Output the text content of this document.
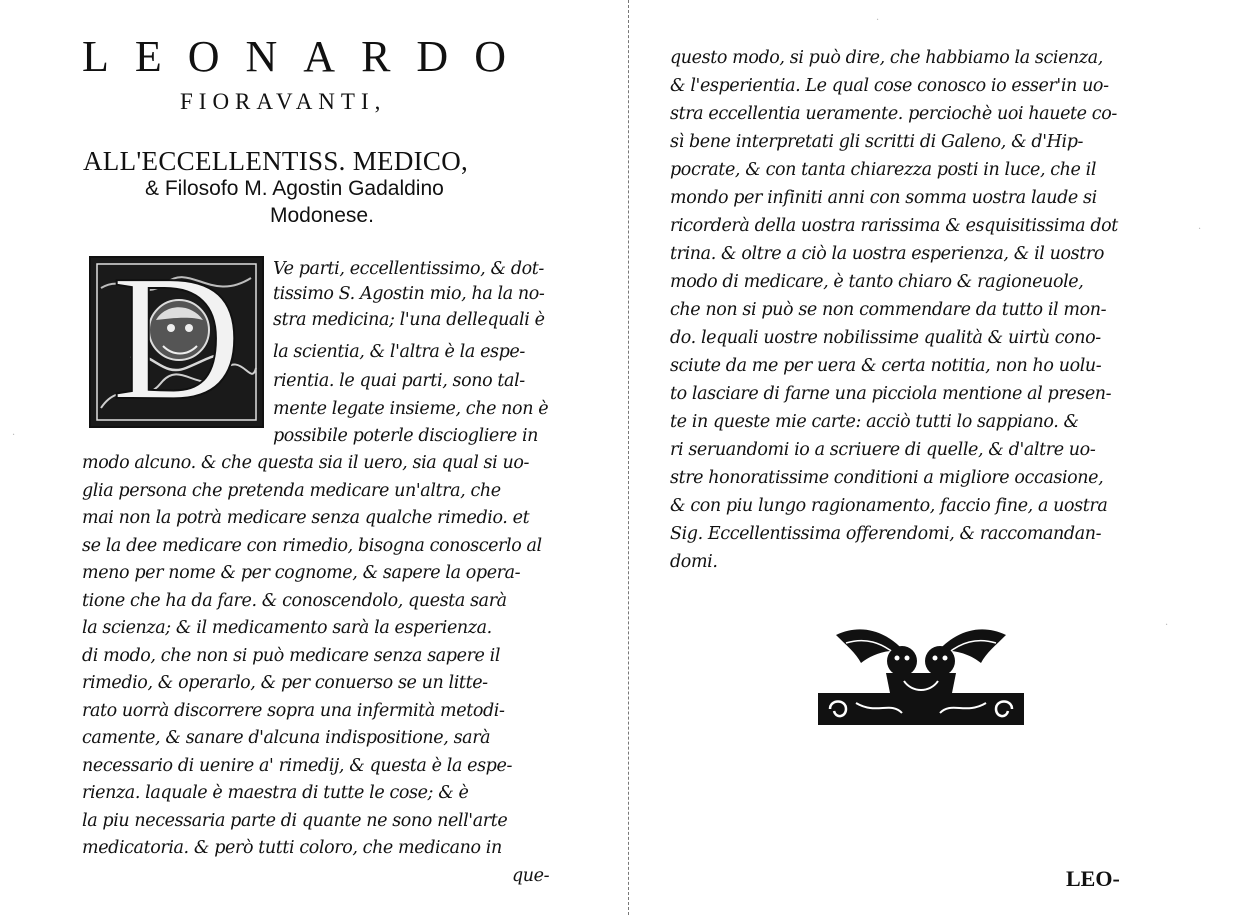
LEONARDO
FIORAVANTI,
ALL'ECCELLENTISS. MEDICO,
& Filosofo M. Agostin Gadaldino
Modonese.
D	Ve parti, eccellentissimo, & dot-
tissimo S. Agostin mio, ha la no-
stra medicina; l'una dellequali è
la scientia, & l'altra è la espe-
rientia. le quai parti, sono tal-
mente legate insieme, che non è
possibile poterle disciogliere in
modo alcuno. & che questa sia il uero, sia qual si uo-
glia persona che pretenda medicare un'altra, che
mai non la potrà medicare senza qualche rimedio. et
se la dee medicare con rimedio, bisogna conoscerlo al
meno per nome & per cognome, & sapere la opera-
tione che ha da fare. & conoscendolo, questa sarà
la scienza; & il medicamento sarà la esperienza.
di modo, che non si può medicare senza sapere il
rimedio, & operarlo, & per conuerso se un litte-
rato uorrà discorrere sopra una infermità metodi-
camente, & sanare d'alcuna indispositione, sarà
necessario di uenire a' rimedij, & questa è la espe-
rienza. laquale è maestra di tutte le cose; & è
la piu necessaria parte di quante ne sono nell'arte
medicatoria. & però tutti coloro, che medicano in
que-
questo modo, si può dire, che habbiamo la scienza,
& l'esperientia. Le qual cose conosco io esser'in uo-
stra eccellentia ueramente. perciochè uoi hauete co-
sì bene interpretati gli scritti di Galeno, & d'Hip-
pocrate, & con tanta chiarezza posti in luce, che il
mondo per infiniti anni con somma uostra laude si
ricorderà della uostra rarissima & esquisitissima dot
trina. & oltre a ciò la uostra esperienza, & il uostro
modo di medicare, è tanto chiaro & ragioneuole,
che non si può se non commendare da tutto il mon-
do. lequali uostre nobilissime qualità & uirtù cono-
sciute da me per uera & certa notitia, non ho uolu-
to lasciare di farne una picciola mentione al presen-
te in queste mie carte: acciò tutti lo sappiano. &
ri seruandomi io a scriuere di quelle, & d'altre uo-
stre honoratissime conditioni a migliore occasione,
& con piu lungo ragionamento, faccio fine, a uostra
Sig. Eccellentissima offerendomi, & raccomandan-
domi.
LEO-
·
·
·
·
